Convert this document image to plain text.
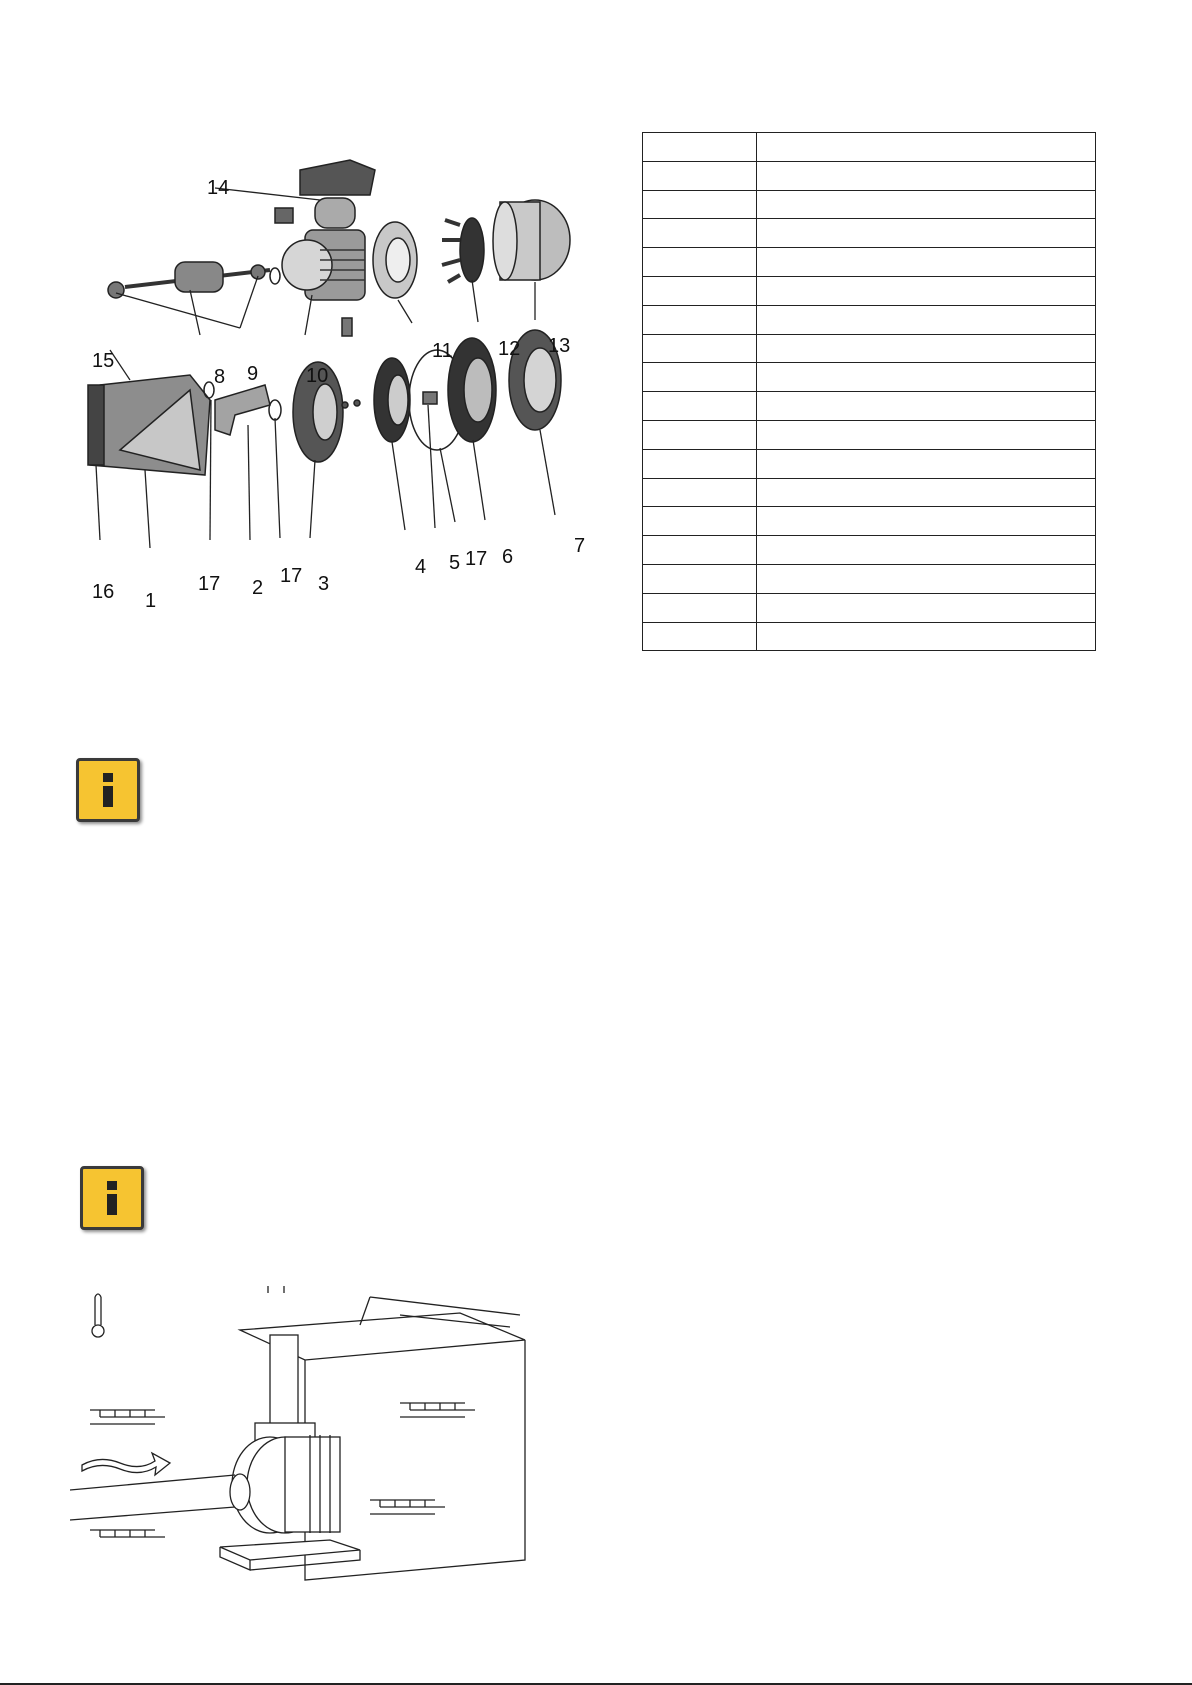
14
8 9 10
11 12 13
15
16 1
17 2
17 3
4 5 17 6	7
